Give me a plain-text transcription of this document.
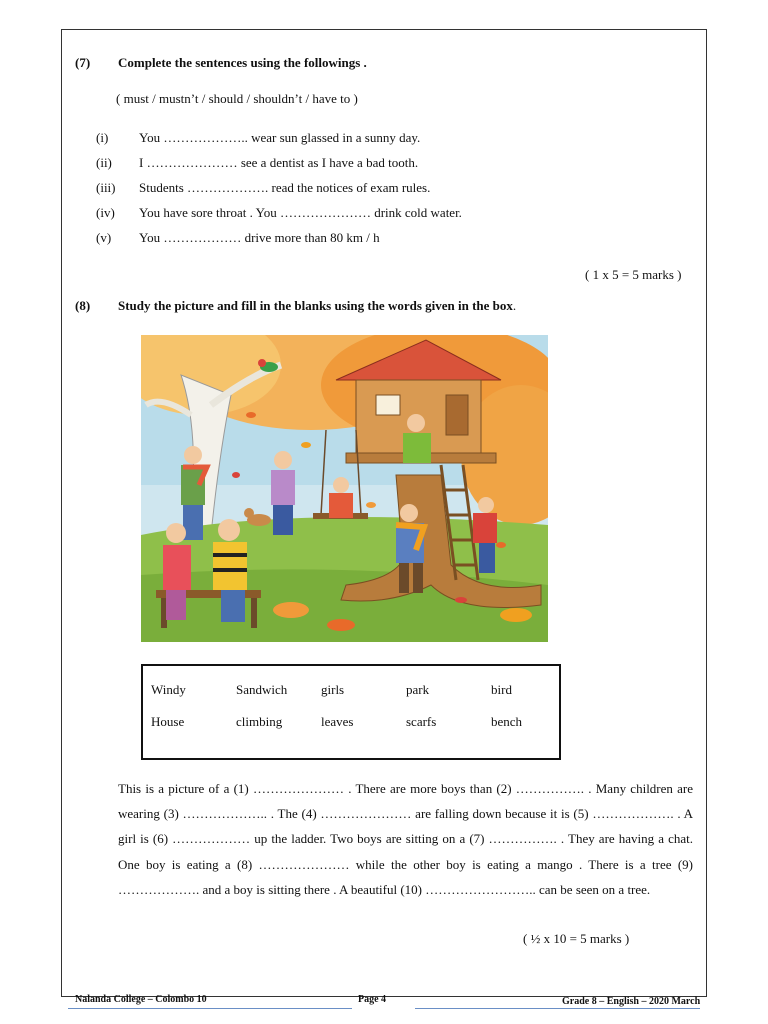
(7) Complete the sentences using the followings .
( must / mustn’t / should / shouldn’t / have to )
(i) You ……………….. wear sun glassed in a sunny day.
(ii) I ………………… see a dentist as I have a bad tooth.
(iii) Students ………………. read the notices of exam rules.
(iv) You have sore throat . You ………………… drink cold water.
(v) You ……………… drive more than 80 km / h
( 1 x 5 = 5 marks )
(8) Study the picture and fill in the blanks using the words given in the box.
Windy	Sandwich	girls	park	bird
House	climbing	leaves	scarfs	bench
This is a picture of a (1) ………………… . There are more boys than (2) ……………. . Many children are wearing (3) ……………….. . The (4) ………………… are falling down because it is (5) ………………. . A girl is (6) ……………… up the ladder. Two boys are sitting on a (7) ……………. . They are having a chat. One boy is eating a (8) ………………… while the other boy is eating a mango . There is a tree (9) ………………. and a boy is sitting there . A beautiful (10) …………………….. can be seen on a tree.
( ½ x 10 = 5 marks )
Nalanda College – Colombo 10	Page 4	Grade 8 – English – 2020 March
